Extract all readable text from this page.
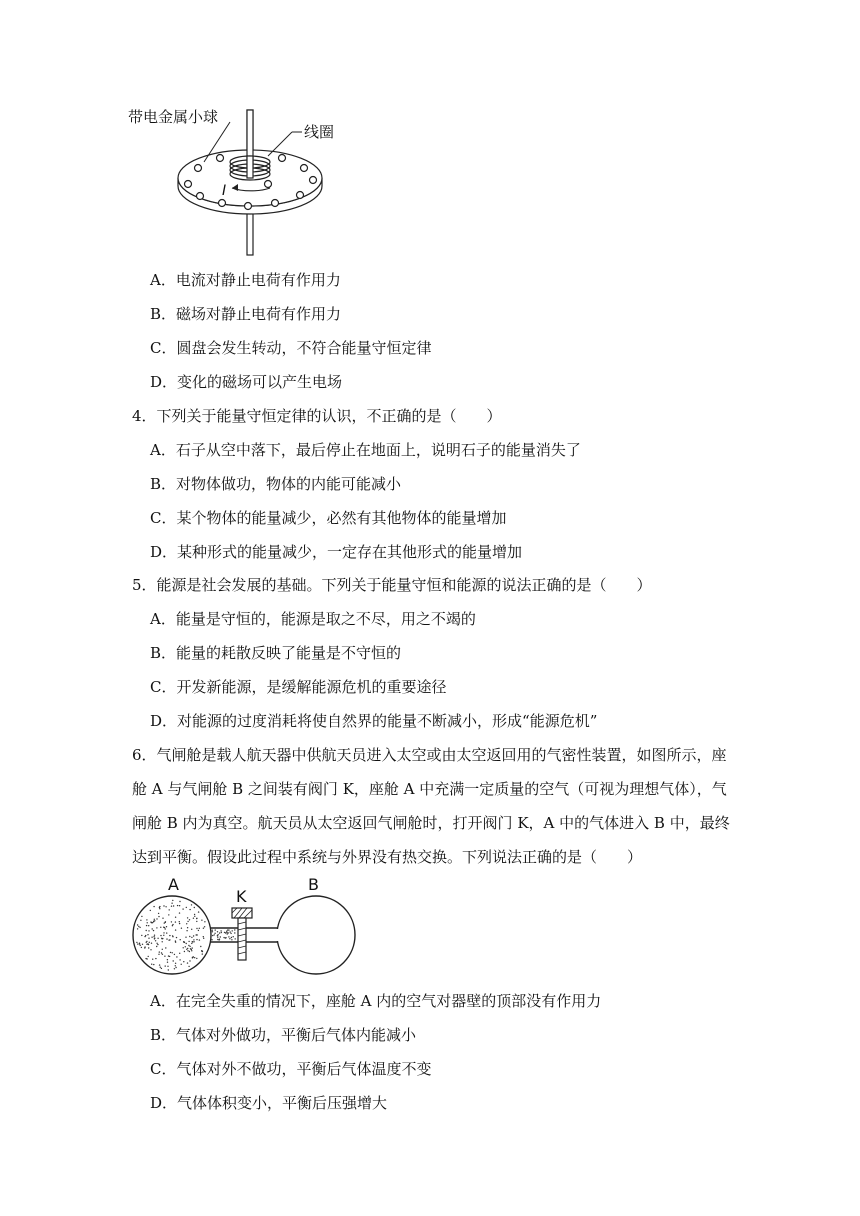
I
带电金属小球
线圈
A．电流对静止电荷有作用力
B．磁场对静止电荷有作用力
C．圆盘会发生转动，不符合能量守恒定律
D．变化的磁场可以产生电场
4．下列关于能量守恒定律的认识，不正确的是（　　）
A．石子从空中落下，最后停止在地面上，说明石子的能量消失了
B．对物体做功，物体的内能可能减小
C．某个物体的能量减少，必然有其他物体的能量增加
D．某种形式的能量减少，一定存在其他形式的能量增加
5．能源是社会发展的基础。下列关于能量守恒和能源的说法正确的是（　　）
A．能量是守恒的，能源是取之不尽，用之不竭的
B．能量的耗散反映了能量是不守恒的
C．开发新能源，是缓解能源危机的重要途径
D．对能源的过度消耗将使自然界的能量不断减小，形成“能源危机”
6．气闸舱是载人航天器中供航天员进入太空或由太空返回用的气密性装置，如图所示，座
舱 A 与气闸舱 B 之间装有阀门 K，座舱 A 中充满一定质量的空气（可视为理想气体），气
闸舱 B 内为真空。航天员从太空返回气闸舱时，打开阀门 K，A 中的气体进入 B 中，最终
达到平衡。假设此过程中系统与外界没有热交换。下列说法正确的是（　　）
A
K
B
A．在完全失重的情况下，座舱 A 内的空气对器壁的顶部没有作用力
B．气体对外做功，平衡后气体内能减小
C．气体对外不做功，平衡后气体温度不变
D．气体体积变小，平衡后压强增大
